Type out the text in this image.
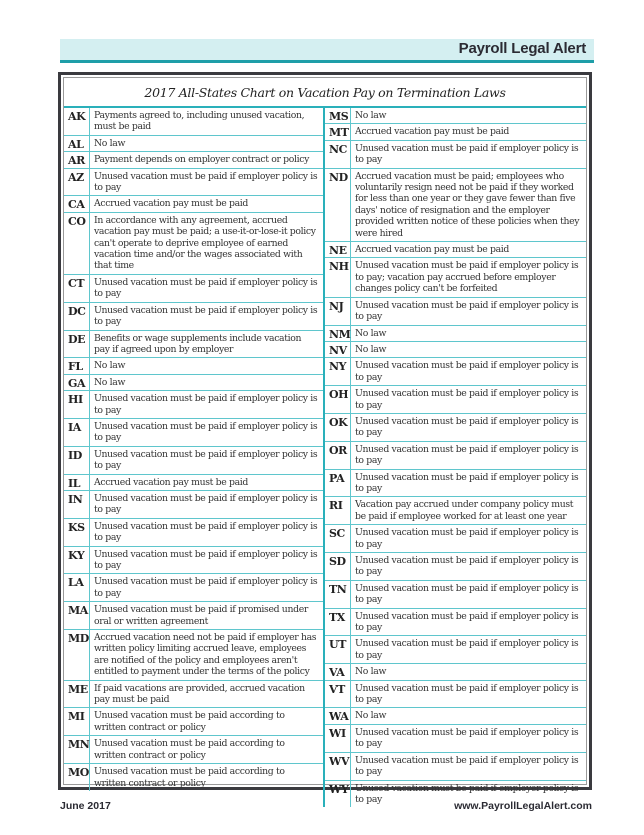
Payroll Legal Alert
2017 All-States Chart on Vacation Pay on Termination Laws
AK Payments agreed to, including unused vacation, must be paid
AL	No law
AR Payment depends on employer contract or policy
AZ	Unused vacation must be paid if employer policy is to pay
CA	Accrued vacation pay must be paid
CO In accordance with any agreement, accrued vacation pay must be paid; a use-it-or-lose-it policy can't operate to deprive employee of earned vacation time and/or the wages associated with that time
CT	Unused vacation must be paid if employer policy is to pay
DC Unused vacation must be paid if employer policy is to pay
DE Benefits or wage supplements include vacation pay if agreed upon by employer
FL	No law
GA No law
HI	Unused vacation must be paid if employer policy is to pay
IA	Unused vacation must be paid if employer policy is to pay
ID	Unused vacation must be paid if employer policy is to pay
IL	Accrued vacation pay must be paid
IN	Unused vacation must be paid if employer policy is to pay
KS Unused vacation must be paid if employer policy is to pay
KY	Unused vacation must be paid if employer policy is to pay
LA	Unused vacation must be paid if employer policy is to pay
MA Unused vacation must be paid if promised under oral or written agreement
MD Accrued vacation need not be paid if employer has written policy limiting accrued leave, employees are notified of the policy and employees aren't entitled to payment under the terms of the policy
ME If paid vacations are provided, accrued vacation pay must be paid
MI	Unused vacation must be paid according to written contract or policy
MN Unused vacation must be paid according to written contract or policy
MO Unused vacation must be paid according to written contract or policy
MS No law
MT Accrued vacation pay must be paid
NC Unused vacation must be paid if employer policy is to pay
ND Accrued vacation must be paid; employees who voluntarily resign need not be paid if they worked for less than one year or they gave fewer than five days' notice of resignation and the employer provided written notice of these policies when they were hired
NE Accrued vacation pay must be paid
NH Unused vacation must be paid if employer policy is to pay; vacation pay accrued before employer changes policy can't be forfeited
NJ	Unused vacation must be paid if employer policy is to pay
NM No law
NV No law
NY Unused vacation must be paid if employer policy is to pay
OH Unused vacation must be paid if employer policy is to pay
OK Unused vacation must be paid if employer policy is to pay
OR Unused vacation must be paid if employer policy is to pay
PA	Unused vacation must be paid if employer policy is to pay
RI	Vacation pay accrued under company policy must be paid if employee worked for at least one year
SC	Unused vacation must be paid if employer policy is to pay
SD	Unused vacation must be paid if employer policy is to pay
TN Unused vacation must be paid if employer policy is to pay
TX	Unused vacation must be paid if employer policy is to pay
UT Unused vacation must be paid if employer policy is to pay
VA	No law
VT	Unused vacation must be paid if employer policy is to pay
WA No law
WI Unused vacation must be paid if employer policy is to pay
WV Unused vacation must be paid if employer policy is to pay
WY Unused vacation must be paid if employer policy is to pay
June 2017	www.PayrollLegalAlert.com
